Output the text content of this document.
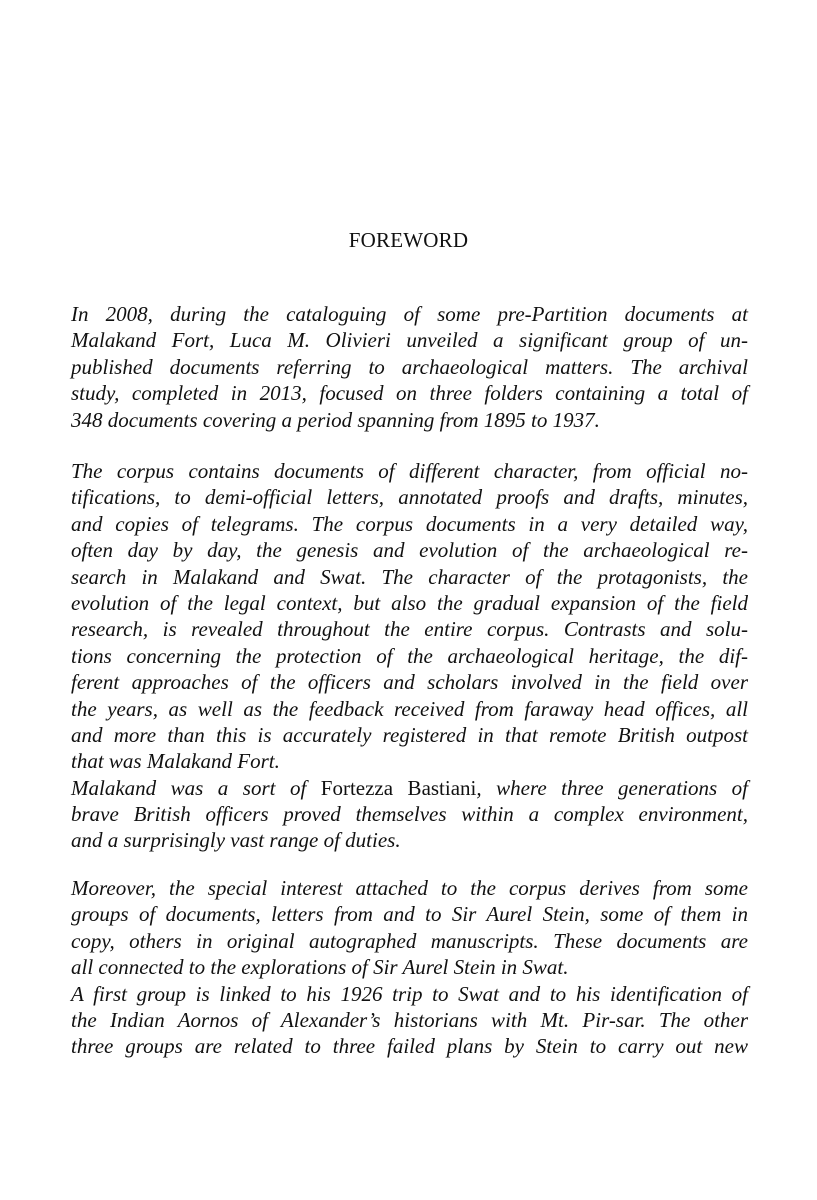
FOREWORD
In 2008, during the cataloguing of some pre-Partition documents at
Malakand Fort, Luca M. Olivieri unveiled a significant group of un-
published documents referring to archaeological matters. The archival
study, completed in 2013, focused on three folders containing a total of
348 documents covering a period spanning from 1895 to 1937.
The corpus contains documents of different character, from official no-
tifications, to demi-official letters, annotated proofs and drafts, minutes,
and copies of telegrams. The corpus documents in a very detailed way,
often day by day, the genesis and evolution of the archaeological re-
search in Malakand and Swat. The character of the protagonists, the
evolution of the legal context, but also the gradual expansion of the field
research, is revealed throughout the entire corpus. Contrasts and solu-
tions concerning the protection of the archaeological heritage, the dif-
ferent approaches of the officers and scholars involved in the field over
the years, as well as the feedback received from faraway head offices, all
and more than this is accurately registered in that remote British outpost
that was Malakand Fort.
Malakand was a sort of Fortezza Bastiani, where three generations of
brave British officers proved themselves within a complex environment,
and a surprisingly vast range of duties.
Moreover, the special interest attached to the corpus derives from some
groups of documents, letters from and to Sir Aurel Stein, some of them in
copy, others in original autographed manuscripts. These documents are
all connected to the explorations of Sir Aurel Stein in Swat.
A first group is linked to his 1926 trip to Swat and to his identification of
the Indian Aornos of Alexander’s historians with Mt. Pir-sar. The other
three groups are related to three failed plans by Stein to carry out new
